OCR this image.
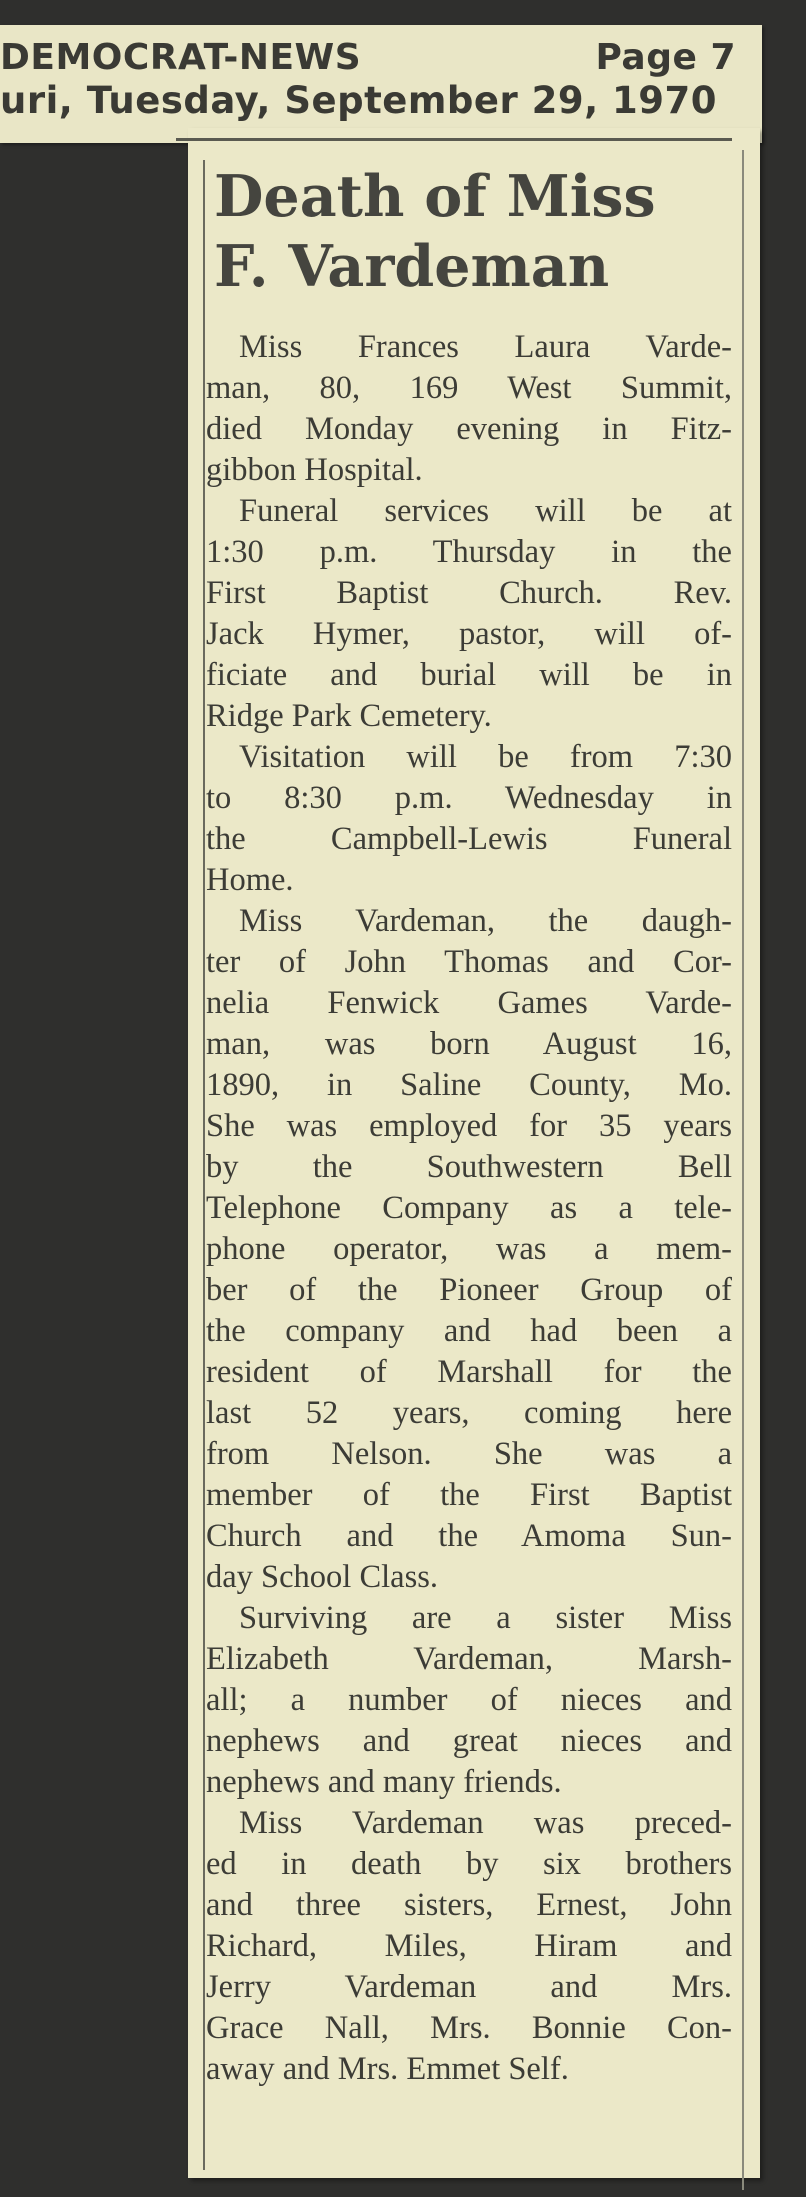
DEMOCRAT-NEWS	Page 7
uri, Tuesday, September 29, 1970
Death of Miss
F. Vardeman
Miss Frances Laura Varde-
man, 80, 169 West Summit,
died Monday evening in Fitz-
gibbon Hospital.
Funeral services will be at
1:30 p.m. Thursday in the
First Baptist Church. Rev.
Jack Hymer, pastor, will of-
ficiate and burial will be in
Ridge Park Cemetery.
Visitation will be from 7:30
to 8:30 p.m. Wednesday in
the Campbell-Lewis Funeral
Home.
Miss Vardeman, the daugh-
ter of John Thomas and Cor-
nelia Fenwick Games Varde-
man, was born August 16,
1890, in Saline County, Mo.
She was employed for 35 years
by the Southwestern Bell
Telephone Company as a tele-
phone operator, was a mem-
ber of the Pioneer Group of
the company and had been a
resident of Marshall for the
last 52 years, coming here
from Nelson. She was a
member of the First Baptist
Church and the Amoma Sun-
day School Class.
Surviving are a sister Miss
Elizabeth Vardeman, Marsh-
all; a number of nieces and
nephews and great nieces and
nephews and many friends.
Miss Vardeman was preced-
ed in death by six brothers
and three sisters, Ernest, John
Richard, Miles, Hiram and
Jerry Vardeman and Mrs.
Grace Nall, Mrs. Bonnie Con-
away and Mrs. Emmet Self.
